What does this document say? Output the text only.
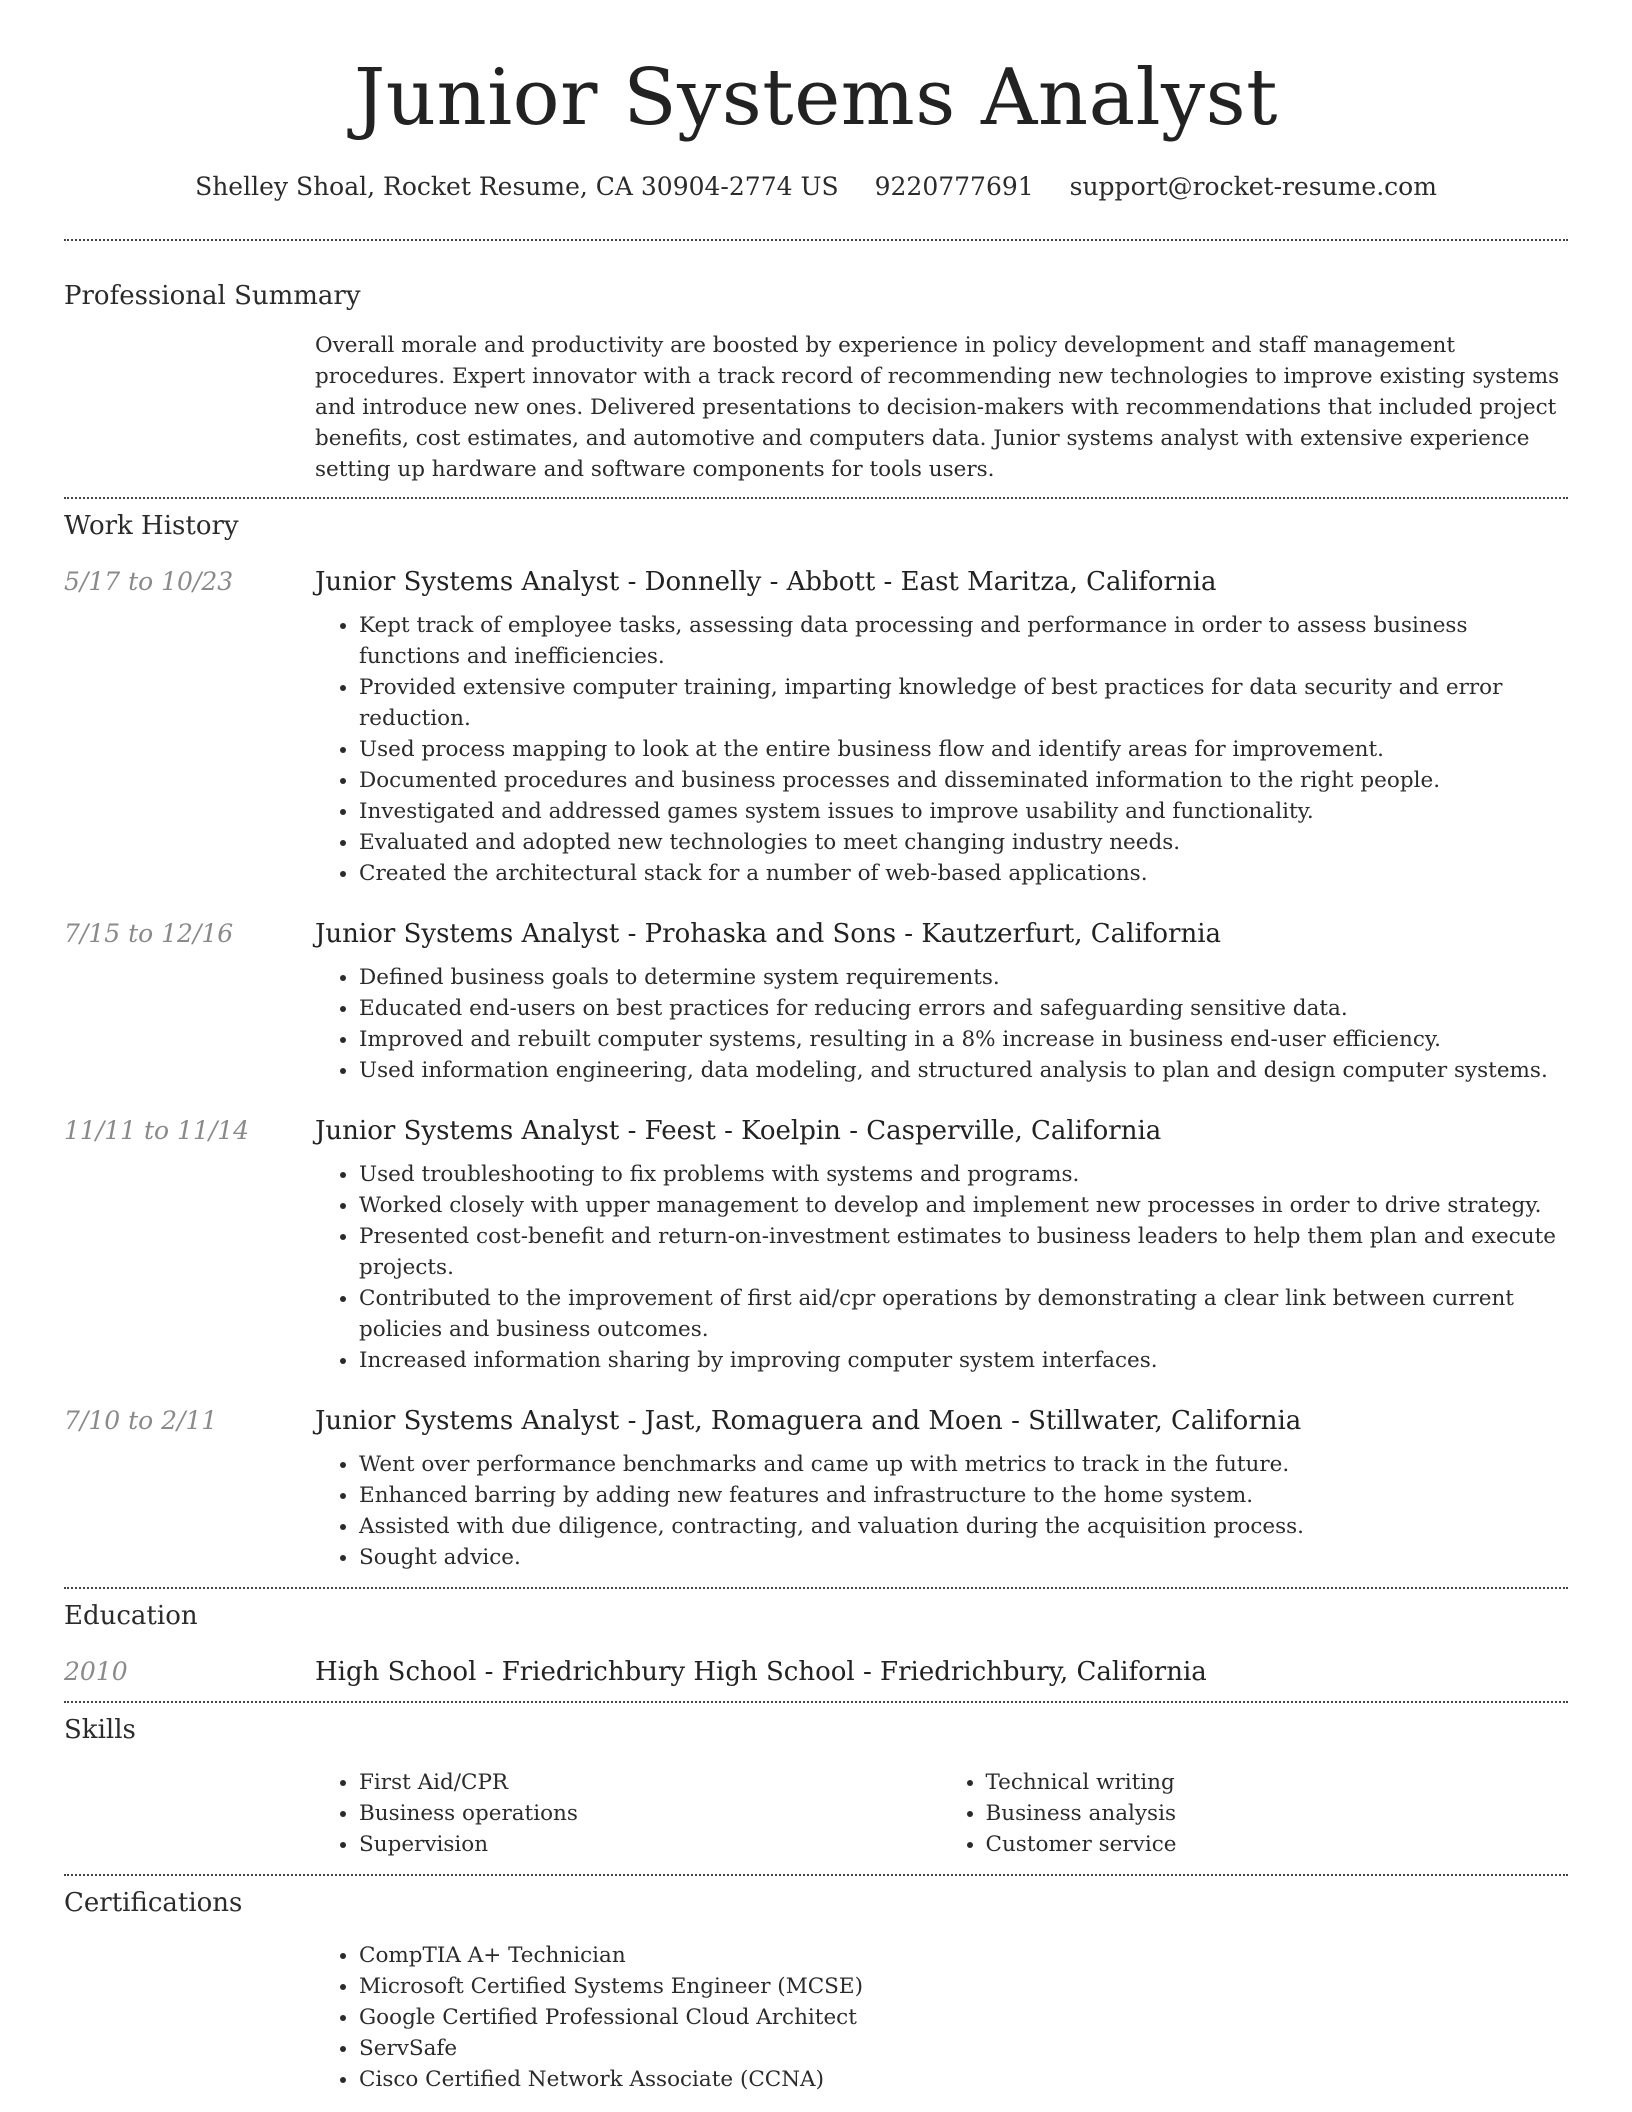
Junior Systems Analyst
Shelley Shoal, Rocket Resume, CA 30904-2774 US 9220777691 support@rocket-resume.com
Professional Summary
Overall morale and productivity are boosted by experience in policy development and staff management procedures. Expert innovator with a track record of recommending new technologies to improve existing systems and introduce new ones. Delivered presentations to decision-makers with recommendations that included project benefits, cost estimates, and automotive and computers data. Junior systems analyst with extensive experience setting up hardware and software components for tools users.
Work History
5/17 to 10/23	Junior Systems Analyst - Donnelly - Abbott - East Maritza, California
• Kept track of employee tasks, assessing data processing and performance in order to assess business functions and inefficiencies.
• Provided extensive computer training, imparting knowledge of best practices for data security and error reduction.
• Used process mapping to look at the entire business flow and identify areas for improvement.
• Documented procedures and business processes and disseminated information to the right people.
• Investigated and addressed games system issues to improve usability and functionality.
• Evaluated and adopted new technologies to meet changing industry needs.
• Created the architectural stack for a number of web-based applications.
7/15 to 12/16	Junior Systems Analyst - Prohaska and Sons - Kautzerfurt, California
• Defined business goals to determine system requirements.
• Educated end-users on best practices for reducing errors and safeguarding sensitive data.
• Improved and rebuilt computer systems, resulting in a 8% increase in business end-user efficiency.
• Used information engineering, data modeling, and structured analysis to plan and design computer systems.
11/11 to 11/14	Junior Systems Analyst - Feest - Koelpin - Casperville, California
• Used troubleshooting to fix problems with systems and programs.
• Worked closely with upper management to develop and implement new processes in order to drive strategy.
• Presented cost-benefit and return-on-investment estimates to business leaders to help them plan and execute projects.
• Contributed to the improvement of first aid/cpr operations by demonstrating a clear link between current policies and business outcomes.
• Increased information sharing by improving computer system interfaces.
7/10 to 2/11	Junior Systems Analyst - Jast, Romaguera and Moen - Stillwater, California
• Went over performance benchmarks and came up with metrics to track in the future.
• Enhanced barring by adding new features and infrastructure to the home system.
• Assisted with due diligence, contracting, and valuation during the acquisition process.
• Sought advice.
Education
2010	High School - Friedrichbury High School - Friedrichbury, California
Skills
• First Aid/CPR
• Business operations
• Supervision
• Technical writing
• Business analysis
• Customer service
Certifications
• CompTIA A+ Technician
• Microsoft Certified Systems Engineer (MCSE)
• Google Certified Professional Cloud Architect
• ServSafe
• Cisco Certified Network Associate (CCNA)
